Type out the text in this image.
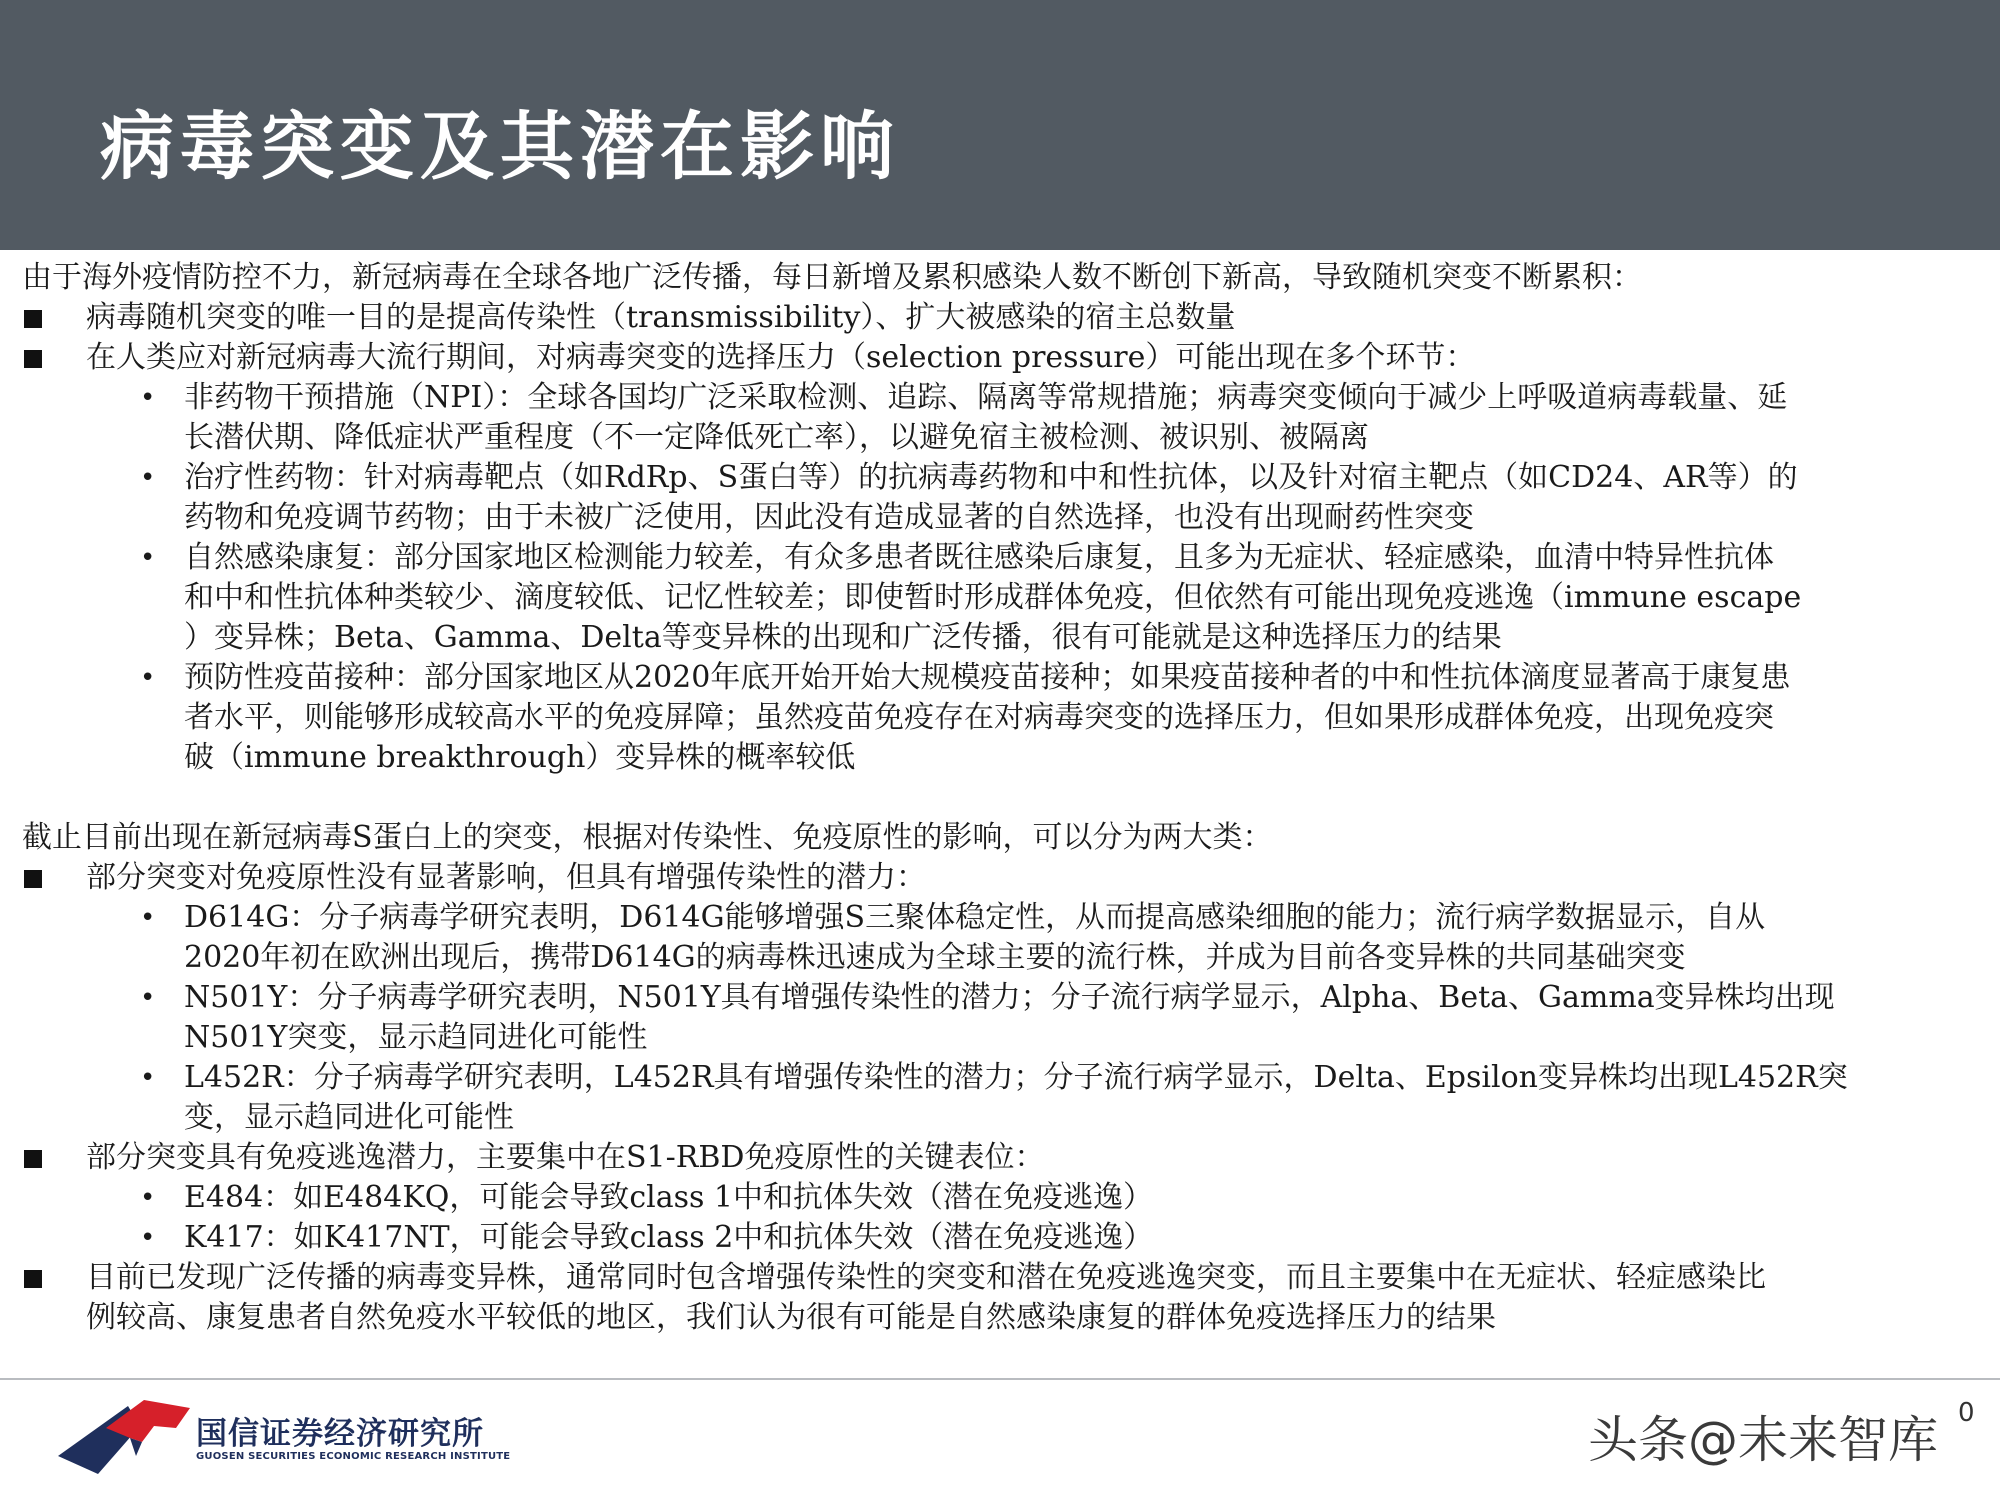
病毒突变及其潜在影响
由于海外疫情防控不力，新冠病毒在全球各地广泛传播，每日新增及累积感染人数不断创下新高，导致随机突变不断累积：
病毒随机突变的唯一目的是提高传染性（transmissibility）、扩大被感染的宿主总数量
在人类应对新冠病毒大流行期间，对病毒突变的选择压力（selection pressure）可能出现在多个环节：
• 非药物干预措施（NPI）：全球各国均广泛采取检测、追踪、隔离等常规措施；病毒突变倾向于减少上呼吸道病毒载量、延
长潜伏期、降低症状严重程度（不一定降低死亡率），以避免宿主被检测、被识别、被隔离
• 治疗性药物：针对病毒靶点（如RdRp、S蛋白等）的抗病毒药物和中和性抗体，以及针对宿主靶点（如CD24、AR等）的
药物和免疫调节药物；由于未被广泛使用，因此没有造成显著的自然选择，也没有出现耐药性突变
• 自然感染康复：部分国家地区检测能力较差，有众多患者既往感染后康复，且多为无症状、轻症感染，血清中特异性抗体
和中和性抗体种类较少、滴度较低、记忆性较差；即使暂时形成群体免疫，但依然有可能出现免疫逃逸（immune escape
）变异株；Beta、Gamma、Delta等变异株的出现和广泛传播，很有可能就是这种选择压力的结果
• 预防性疫苗接种：部分国家地区从2020年底开始开始大规模疫苗接种；如果疫苗接种者的中和性抗体滴度显著高于康复患
者水平，则能够形成较高水平的免疫屏障；虽然疫苗免疫存在对病毒突变的选择压力，但如果形成群体免疫，出现免疫突
破（immune breakthrough）变异株的概率较低
截止目前出现在新冠病毒S蛋白上的突变，根据对传染性、免疫原性的影响，可以分为两大类：
部分突变对免疫原性没有显著影响，但具有增强传染性的潜力：
• D614G：分子病毒学研究表明，D614G能够增强S三聚体稳定性，从而提高感染细胞的能力；流行病学数据显示，自从
2020年初在欧洲出现后，携带D614G的病毒株迅速成为全球主要的流行株，并成为目前各变异株的共同基础突变
• N501Y：分子病毒学研究表明，N501Y具有增强传染性的潜力；分子流行病学显示，Alpha、Beta、Gamma变异株均出现
N501Y突变，显示趋同进化可能性
• L452R：分子病毒学研究表明，L452R具有增强传染性的潜力；分子流行病学显示，Delta、Epsilon变异株均出现L452R突
变，显示趋同进化可能性
部分突变具有免疫逃逸潜力，主要集中在S1-RBD免疫原性的关键表位：
• E484：如E484KQ，可能会导致class 1中和抗体失效（潜在免疫逃逸）
• K417：如K417NT，可能会导致class 2中和抗体失效（潜在免疫逃逸）
目前已发现广泛传播的病毒变异株，通常同时包含增强传染性的突变和潜在免疫逃逸突变，而且主要集中在无症状、轻症感染比
例较高、康复患者自然免疫水平较低的地区，我们认为很有可能是自然感染康复的群体免疫选择压力的结果
国信证券经济研究所
GUOSEN SECURITIES ECONOMIC RESEARCH INSTITUTE	头条@未来智库 0
